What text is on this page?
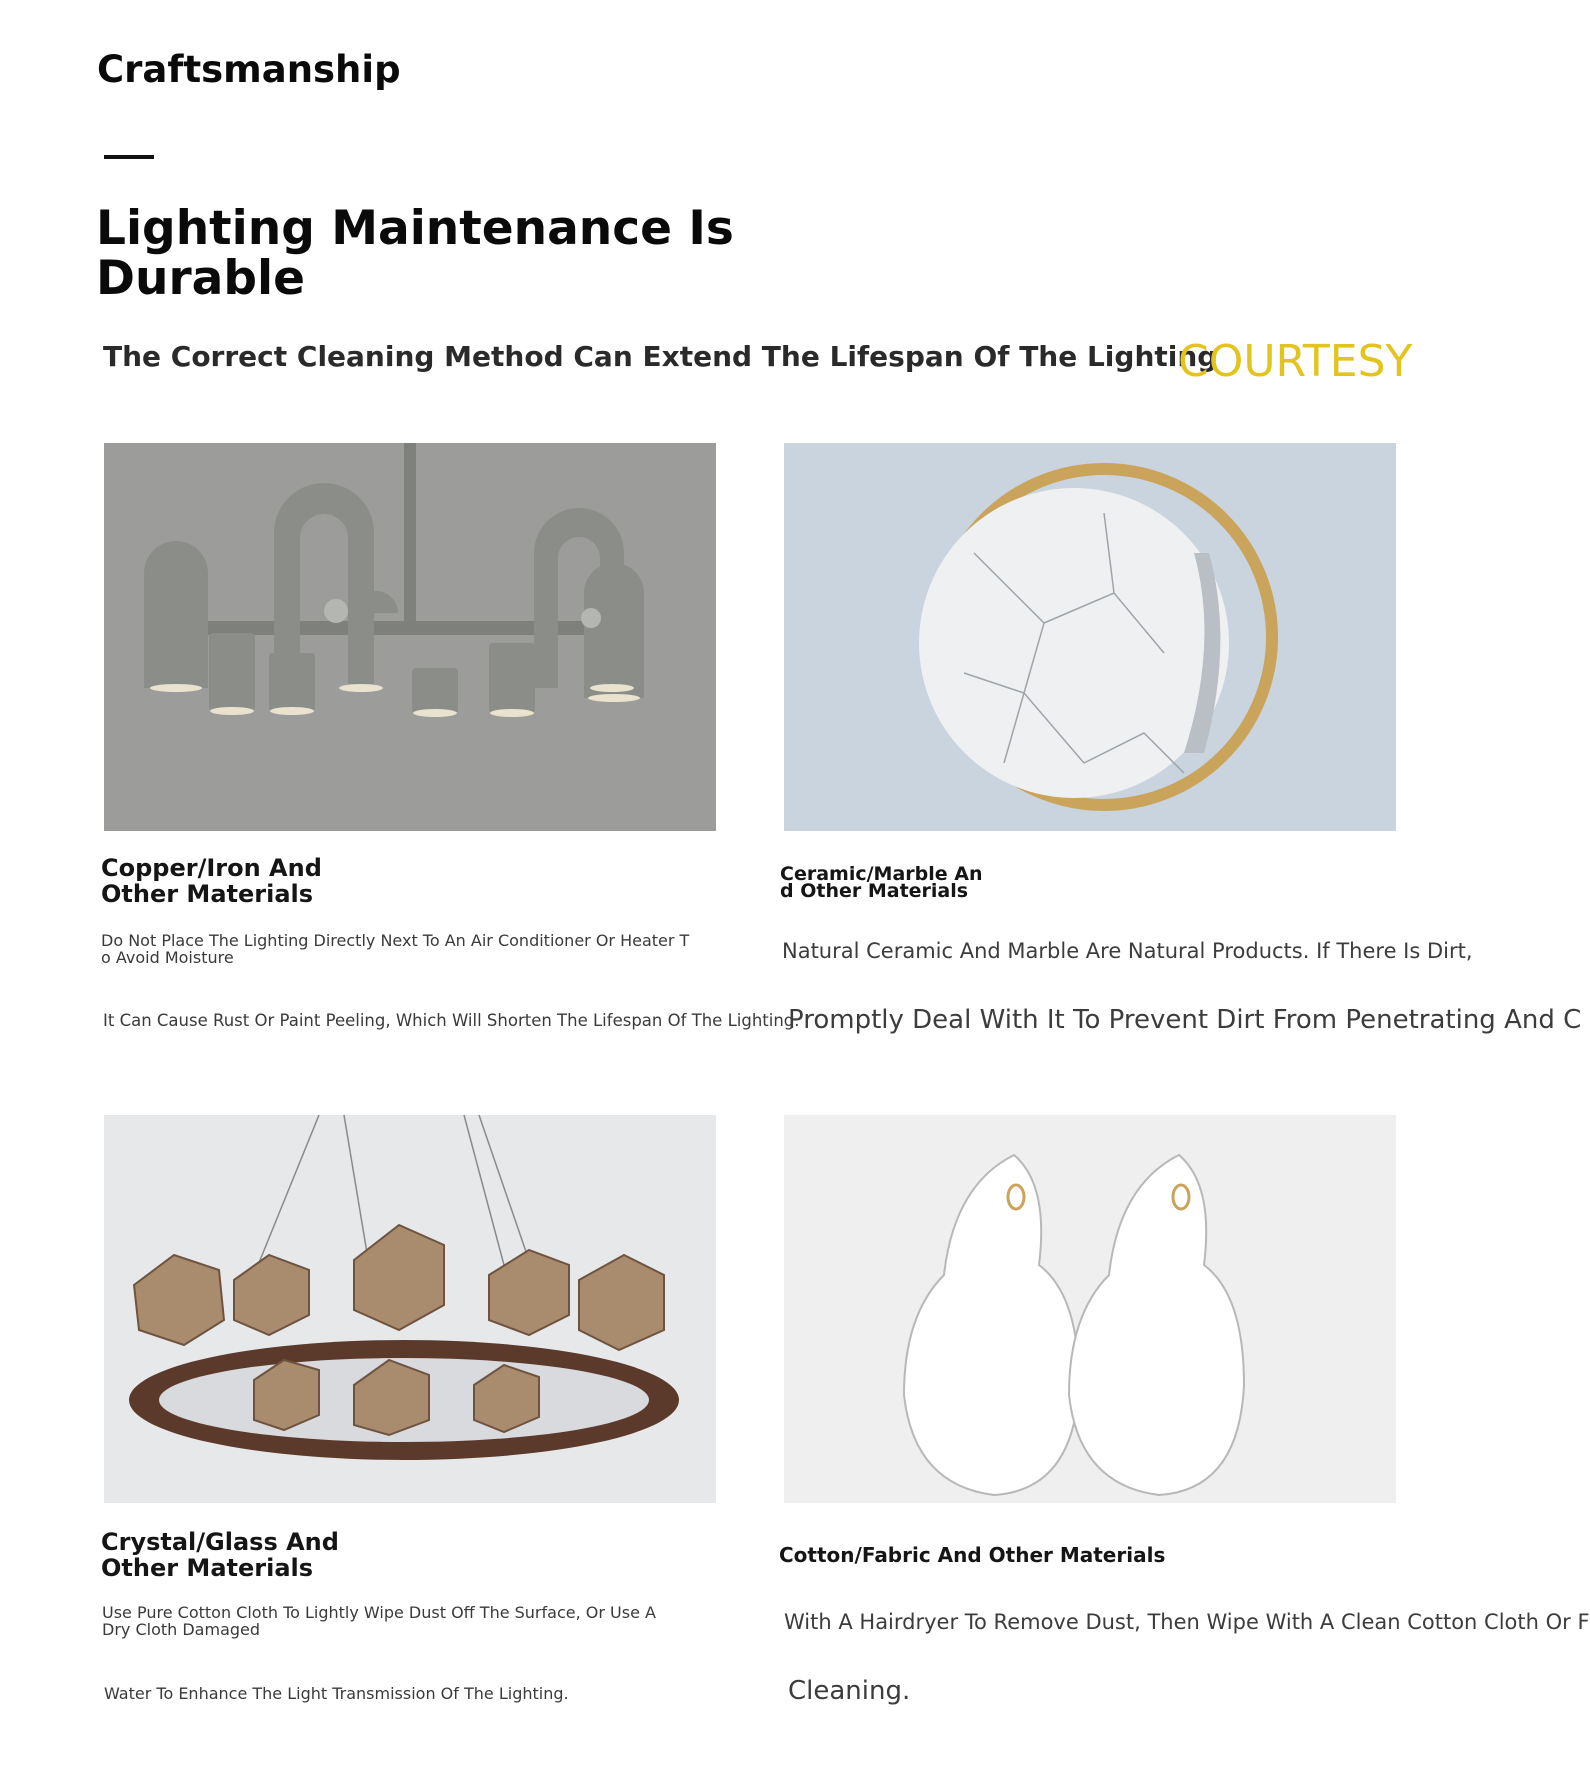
Craftsmanship
Lighting Maintenance Is Durable
The Correct Cleaning Method Can Extend The Lifespan Of The Lighting
COURTESY
Copper/Iron And
Other Materials
Do Not Place The Lighting Directly Next To An Air Conditioner Or Heater To Avoid Moisture
It Can Cause Rust Or Paint Peeling, Which Will Shorten The Lifespan Of The Lighting.
Ceramic/Marble An
d Other Materials
Natural Ceramic And Marble Are Natural Products. If There Is Dirt,
Promptly Deal With It To Prevent Dirt From Penetrating And C
Crystal/Glass And
Other Materials
Use Pure Cotton Cloth To Lightly Wipe Dust Off The Surface, Or Use A Dry Cloth Damaged
Water To Enhance The Light Transmission Of The Lighting.
Cotton/Fabric And Other Materials
With A Hairdryer To Remove Dust, Then Wipe With A Clean Cotton Cloth Or F
Cleaning.
